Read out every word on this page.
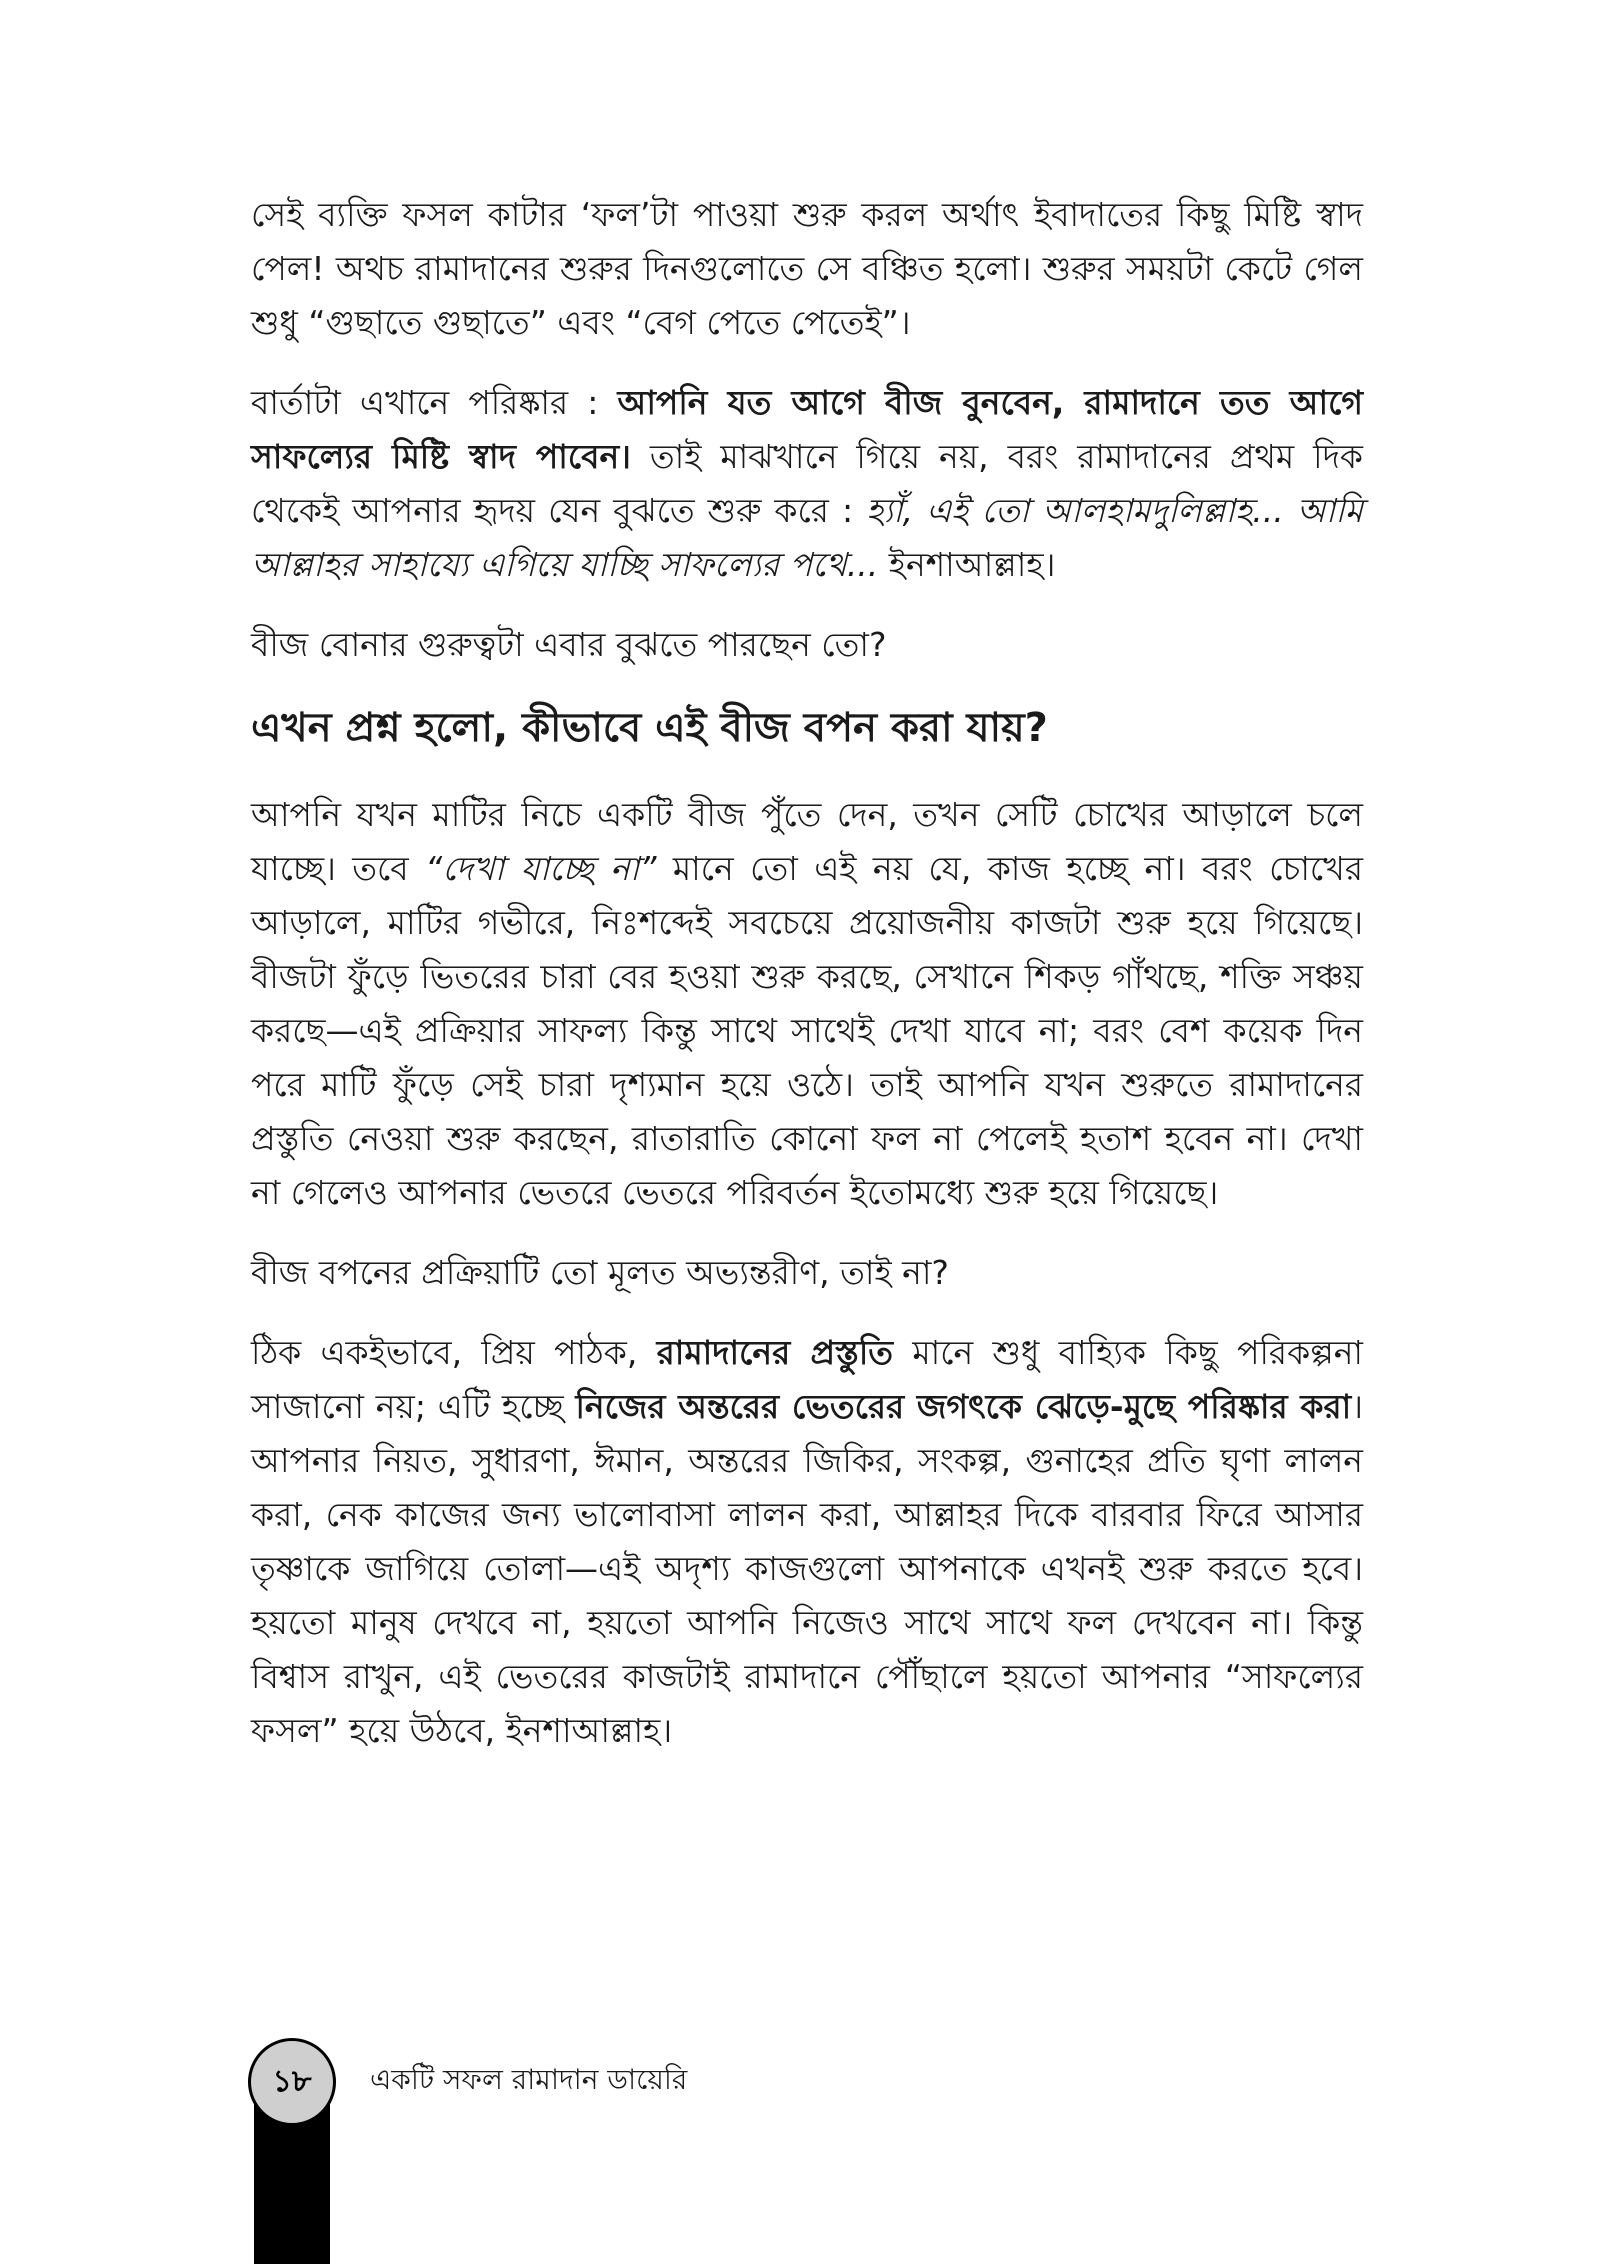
সেই ব্যক্তি ফসল কাটার ‘ফল’টা পাওয়া শুরু করল অর্থাৎ ইবাদাতের কিছু মিষ্টি স্বাদ পেল! অথচ রামাদানের শুরুর দিনগুলোতে সে বঞ্চিত হলো। শুরুর সময়টা কেটে গেল শুধু “গুছাতে গুছাতে” এবং “বেগ পেতে পেতেই”।

বার্তাটা এখানে পরিষ্কার : আপনি যত আগে বীজ বুনবেন, রামাদানে তত আগে সাফল্যের মিষ্টি স্বাদ পাবেন। তাই মাঝখানে গিয়ে নয়, বরং রামাদানের প্রথম দিক থেকেই আপনার হৃদয় যেন বুঝতে শুরু করে : হ্যাঁ, এই তো আলহামদুলিল্লাহ... আমি আল্লাহর সাহায্যে এগিয়ে যাচ্ছি সাফল্যের পথে... ইনশাআল্লাহ।

বীজ বোনার গুরুত্বটা এবার বুঝতে পারছেন তো?

এখন প্রশ্ন হলো, কীভাবে এই বীজ বপন করা যায়?

আপনি যখন মাটির নিচে একটি বীজ পুঁতে দেন, তখন সেটি চোখের আড়ালে চলে যাচ্ছে। তবে “দেখা যাচ্ছে না” মানে তো এই নয় যে, কাজ হচ্ছে না। বরং চোখের আড়ালে, মাটির গভীরে, নিঃশব্দেই সবচেয়ে প্রয়োজনীয় কাজটা শুরু হয়ে গিয়েছে। বীজটা ফুঁড়ে ভিতরের চারা বের হওয়া শুরু করছে, সেখানে শিকড় গাঁথছে, শক্তি সঞ্চয় করছে—এই প্রক্রিয়ার সাফল্য কিন্তু সাথে সাথেই দেখা যাবে না; বরং বেশ কয়েক দিন পরে মাটি ফুঁড়ে সেই চারা দৃশ্যমান হয়ে ওঠে। তাই আপনি যখন শুরুতে রামাদানের প্রস্তুতি নেওয়া শুরু করছেন, রাতারাতি কোনো ফল না পেলেই হতাশ হবেন না। দেখা না গেলেও আপনার ভেতরে ভেতরে পরিবর্তন ইতোমধ্যে শুরু হয়ে গিয়েছে।

বীজ বপনের প্রক্রিয়াটি তো মূলত অভ্যন্তরীণ, তাই না?

ঠিক একইভাবে, প্রিয় পাঠক, রামাদানের প্রস্তুতি মানে শুধু বাহ্যিক কিছু পরিকল্পনা সাজানো নয়; এটি হচ্ছে নিজের অন্তরের ভেতরের জগৎকে ঝেড়ে-মুছে পরিষ্কার করা। আপনার নিয়ত, সুধারণা, ঈমান, অন্তরের জিকির, সংকল্প, গুনাহের প্রতি ঘৃণা লালন করা, নেক কাজের জন্য ভালোবাসা লালন করা, আল্লাহর দিকে বারবার ফিরে আসার তৃষ্ণাকে জাগিয়ে তোলা—এই অদৃশ্য কাজগুলো আপনাকে এখনই শুরু করতে হবে। হয়তো মানুষ দেখবে না, হয়তো আপনি নিজেও সাথে সাথে ফল দেখবেন না। কিন্তু বিশ্বাস রাখুন, এই ভেতরের কাজটাই রামাদানে পৌঁছালে হয়তো আপনার “সাফল্যের ফসল” হয়ে উঠবে, ইনশাআল্লাহ।

১৮ একটি সফল রামাদান ডায়েরি
